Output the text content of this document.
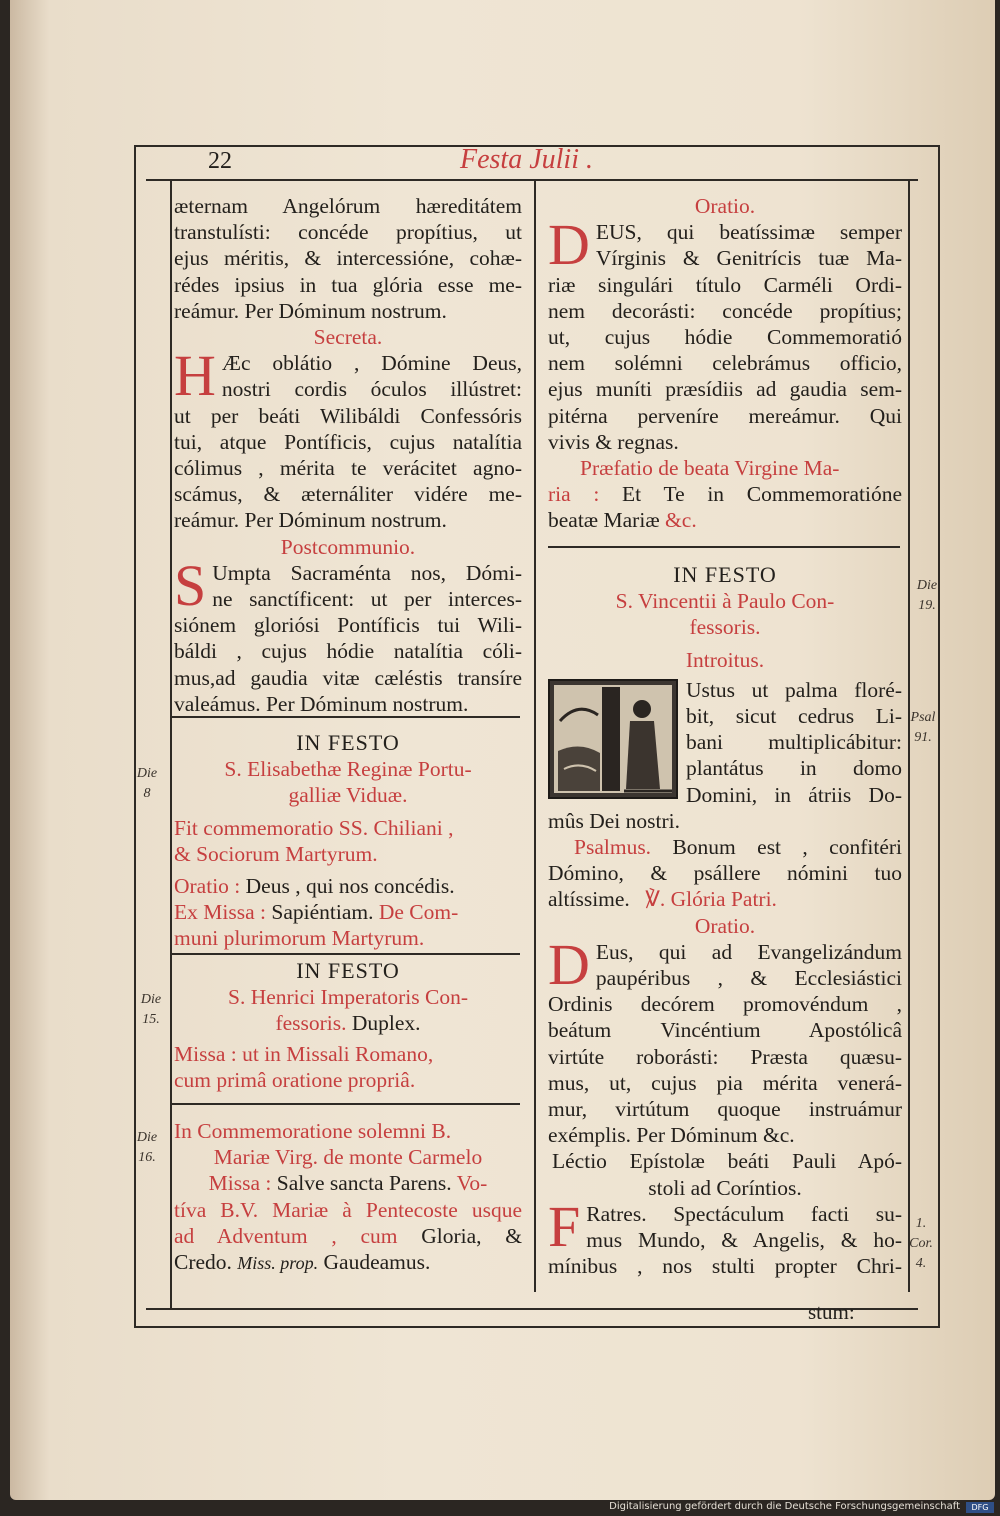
22	Festa Julii .

æternam Angelórum hæreditátem

transtulísti: concéde propítius, ut

ejus méritis, & intercessióne, cohæ-

rédes ipsius in tua glória esse me-

reámur. Per Dóminum nostrum.

Secreta.

H Æc oblátio , Dómine Deus,

nostri cordis óculos illústret:

ut per beáti Wilibáldi Confessóris

tui, atque Pontíficis, cujus natalítia

cólimus , mérita te verácitet agno-

scámus, & æternáliter vidére me-

reámur. Per Dóminum nostrum.

Postcommunio.

S Umpta Sacraménta nos, Dómi-

ne sanctíficent: ut per interces-

siónem gloriósi Pontíficis tui Wili-

báldi , cujus hódie natalítia cóli-

mus,ad gaudia vitæ cæléstis transíre

valeámus. Per Dóminum nostrum.

IN FESTO

S. Elisabethæ Reginæ Portu-

galliæ Viduæ.

Fit commemoratio SS. Chiliani ,

& Sociorum Martyrum.

Oratio : Deus , qui nos concédis.

Ex Missa : Sapiéntiam. De Com-

muni plurimorum Martyrum.

IN FESTO

S. Henrici Imperatoris Con-

fessoris. Duplex.

Missa : ut in Missali Romano,

cum primâ oratione propriâ.

In Commemoratione solemni B.

Mariæ Virg. de monte Carmelo

Missa : Salve sancta Parens. Vo-

tíva B.V. Mariæ à Pentecoste usque

ad Adventum , cum Gloria, &

Credo. Miss. prop. Gaudeamus.

Oratio.

D EUS, qui beatíssimæ semper

Vírginis & Genitrícis tuæ Ma-

riæ singulári título Carméli Ordi-

nem decorásti: concéde propítius;

ut, cujus hódie Commemoratió

nem solémni celebrámus officio,

ejus muníti præsídiis ad gaudia sem-

pitérna perveníre mereámur. Qui

vivis & regnas.

Præfatio de beata Virgine Ma-

ria : Et Te in Commemoratióne

beatæ Mariæ &c.

IN FESTO

S. Vincentii à Paulo Con-

fessoris.

Introitus.

Ustus ut palma floré-

bit, sicut cedrus Li-

bani multiplicábitur:

plantátus in domo

Domini, in átriis Do-

mûs Dei nostri.

Psalmus. Bonum est , confitéri

Dómino, & psállere nómini tuo

altíssime. ℣. Glória Patri.

Oratio.

D Eus, qui ad Evangelizándum

paupéribus , & Ecclesiástici

Ordinis decórem promovéndum ,

beátum Vincéntium Apostólicâ

virtúte roborásti: Præsta quæsu-

mus, ut, cujus pia mérita venerá-

mur, virtútum quoque instruámur

exémplis. Per Dóminum &c.

Léctio Epístolæ beáti Pauli Apó-

stoli ad Coríntios.

F Ratres. Spectáculum facti su-

mus Mundo, & Angelis, & ho-

mínibus , nos stulti propter Chri-

Die
8
Die
15.
Die
16.
Die
19.
Psal
91.
1.
Cor.
4.
stum:
Digitalisierung gefördert durch die Deutsche Forschungsgemeinschaft	DFG
